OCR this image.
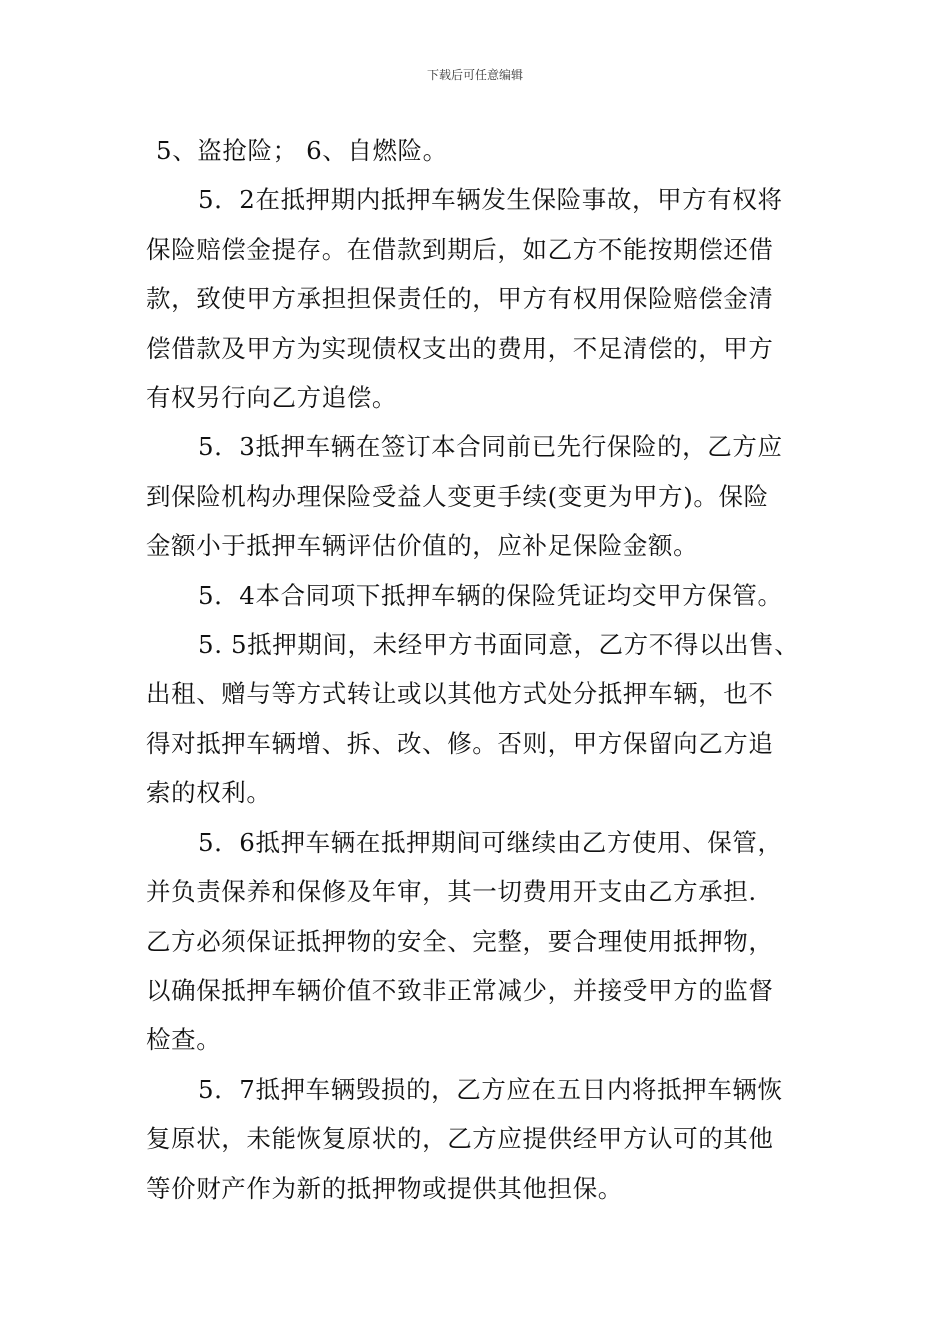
下载后可任意编辑
5、盗抢险； 6、自燃险。
5．2在抵押期内抵押车辆发生保险事故，甲方有权将
保险赔偿金提存。在借款到期后，如乙方不能按期偿还借
款，致使甲方承担担保责任的，甲方有权用保险赔偿金清
偿借款及甲方为实现债权支出的费用，不足清偿的，甲方
有权另行向乙方追偿。
5．3抵押车辆在签订本合同前已先行保险的，乙方应
到保险机构办理保险受益人变更手续(变更为甲方)。保险
金额小于抵押车辆评估价值的，应补足保险金额。
5．4本合同项下抵押车辆的保险凭证均交甲方保管。
5. 5抵押期间，未经甲方书面同意，乙方不得以出售、
出租、赠与等方式转让或以其他方式处分抵押车辆，也不
得对抵押车辆增、拆、改、修。否则，甲方保留向乙方追
索的权利。
5．6抵押车辆在抵押期间可继续由乙方使用、保管，
并负责保养和保修及年审，其一切费用开支由乙方承担.
乙方必须保证抵押物的安全、完整，要合理使用抵押物，
以确保抵押车辆价值不致非正常减少，并接受甲方的监督
检查。
5．7抵押车辆毁损的，乙方应在五日内将抵押车辆恢
复原状，未能恢复原状的，乙方应提供经甲方认可的其他
等价财产作为新的抵押物或提供其他担保。
